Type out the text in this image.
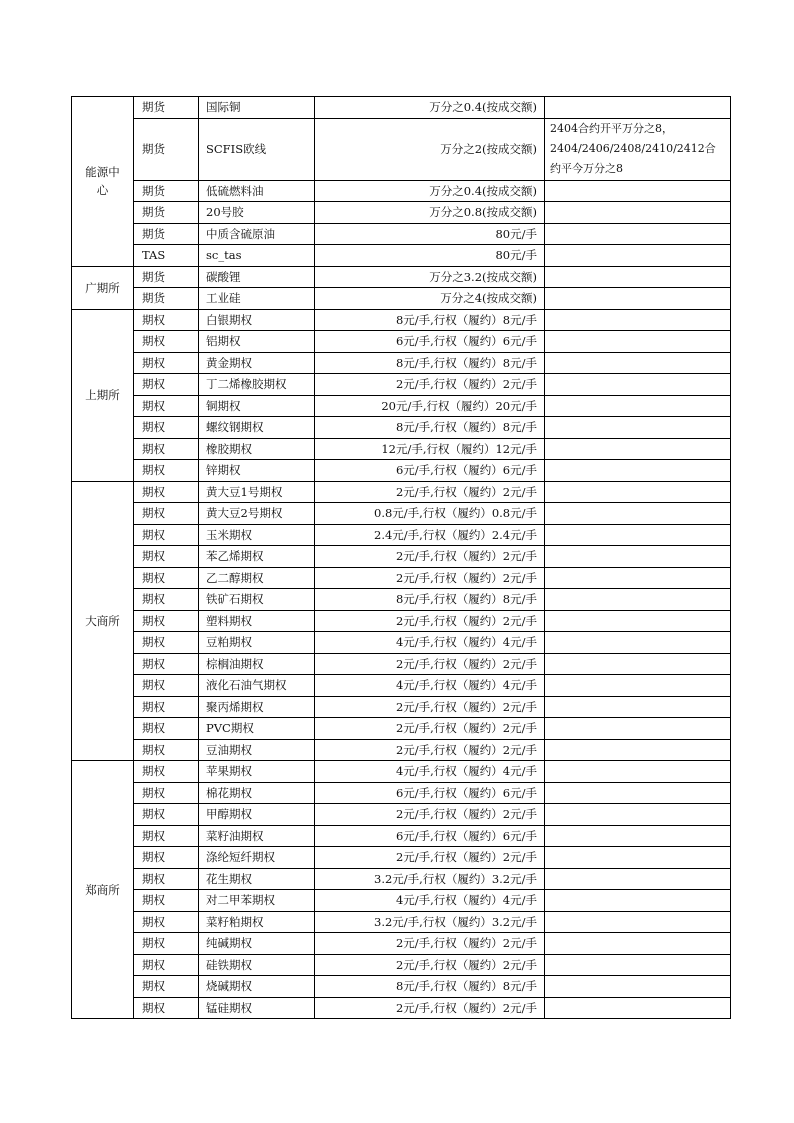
能源中心	期货	国际铜	万分之0.4(按成交额)	
	期货	SCFIS欧线	万分之2(按成交额)	2404合约开平万分之8，2404/2406/2408/2410/2412合约平今万分之8
	期货	低硫燃料油	万分之0.4(按成交额)	
	期货	20号胶	万分之0.8(按成交额)	
	期货	中质含硫原油	80元/手	
	TAS	sc_tas	80元/手	
广期所	期货	碳酸锂	万分之3.2(按成交额)	
	期货	工业硅	万分之4(按成交额)	
上期所	期权	白银期权	8元/手,行权（履约）8元/手	
	期权	铝期权	6元/手,行权（履约）6元/手	
	期权	黄金期权	8元/手,行权（履约）8元/手	
	期权	丁二烯橡胶期权	2元/手,行权（履约）2元/手	
	期权	铜期权	20元/手,行权（履约）20元/手	
	期权	螺纹钢期权	8元/手,行权（履约）8元/手	
	期权	橡胶期权	12元/手,行权（履约）12元/手	
	期权	锌期权	6元/手,行权（履约）6元/手	
大商所	期权	黄大豆1号期权	2元/手,行权（履约）2元/手	
	期权	黄大豆2号期权	0.8元/手,行权（履约）0.8元/手	
	期权	玉米期权	2.4元/手,行权（履约）2.4元/手	
	期权	苯乙烯期权	2元/手,行权（履约）2元/手	
	期权	乙二醇期权	2元/手,行权（履约）2元/手	
	期权	铁矿石期权	8元/手,行权（履约）8元/手	
	期权	塑料期权	2元/手,行权（履约）2元/手	
	期权	豆粕期权	4元/手,行权（履约）4元/手	
	期权	棕榈油期权	2元/手,行权（履约）2元/手	
	期权	液化石油气期权	4元/手,行权（履约）4元/手	
	期权	聚丙烯期权	2元/手,行权（履约）2元/手	
	期权	PVC期权	2元/手,行权（履约）2元/手	
	期权	豆油期权	2元/手,行权（履约）2元/手	
郑商所	期权	苹果期权	4元/手,行权（履约）4元/手	
	期权	棉花期权	6元/手,行权（履约）6元/手	
	期权	甲醇期权	2元/手,行权（履约）2元/手	
	期权	菜籽油期权	6元/手,行权（履约）6元/手	
	期权	涤纶短纤期权	2元/手,行权（履约）2元/手	
	期权	花生期权	3.2元/手,行权（履约）3.2元/手	
	期权	对二甲苯期权	4元/手,行权（履约）4元/手	
	期权	菜籽粕期权	3.2元/手,行权（履约）3.2元/手	
	期权	纯碱期权	2元/手,行权（履约）2元/手	
	期权	硅铁期权	2元/手,行权（履约）2元/手	
	期权	烧碱期权	8元/手,行权（履约）8元/手	
	期权	锰硅期权	2元/手,行权（履约）2元/手	
